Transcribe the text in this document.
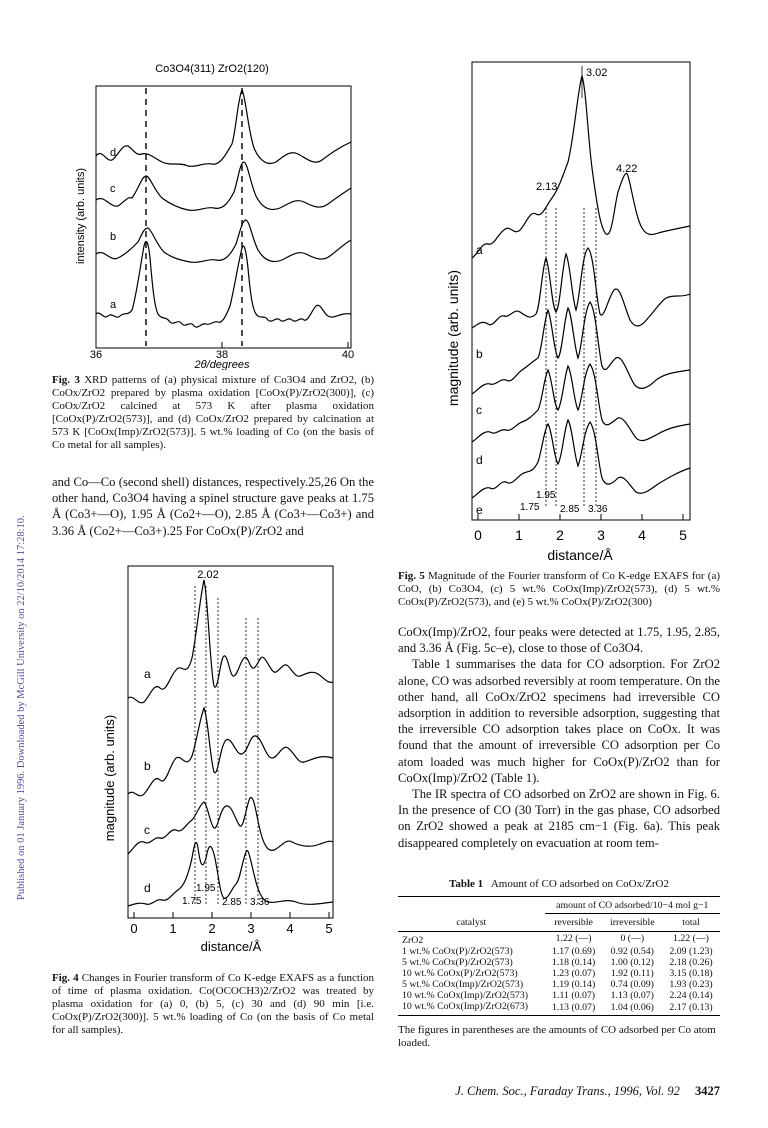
Published on 01 January 1996. Downloaded by McGill University on 22/10/2014 17:28:10.
Co3O4(311) ZrO2(120)
d
c
b
a
36	38	40
2θ/degrees
intensity (arb. units)
Fig. 3 XRD patterns of (a) physical mixture of Co3O4 and ZrO2, (b) CoOx/ZrO2 prepared by plasma oxidation [CoOx(P)/ZrO2(300)], (c) CoOx/ZrO2 calcined at 573 K after plasma oxidation [CoOx(P)/ZrO2(573)], and (d) CoOx/ZrO2 prepared by calcination at 573 K [CoOx(Imp)/ZrO2(573)]. 5 wt.% loading of Co (on the basis of Co metal for all samples).

and Co—Co (second shell) distances, respectively.25,26 On the other hand, Co3O4 having a spinel structure gave peaks at 1.75 Å (Co3+—O), 1.95 Å (Co2+—O), 2.85 Å (Co3+—Co3+) and 3.36 Å (Co2+—Co3+).25 For CoOx(P)/ZrO2 and

2.02
a
b
c
d	1.95
1.75 2.85 3.36
0 1 2 3 4 5
distance/Å
magnitude (arb. units)
Fig. 4 Changes in Fourier transform of Co K-edge EXAFS as a function of time of plasma oxidation. Co(OCOCH3)2/ZrO2 was treated by plasma oxidation for (a) 0, (b) 5, (c) 30 and (d) 90 min [i.e. CoOx(P)/ZrO2(300)]. 5 wt.% loading of Co (on the basis of Co metal for all samples).
3.02
4.22
2.13
a
b
c
d
e
1.95
1.75 2.85 3.36
0 1 2 3 4 5
distance/Å
magnitude (arb. units)
Fig. 5 Magnitude of the Fourier transform of Co K-edge EXAFS for (a) CoO, (b) Co3O4, (c) 5 wt.% CoOx(Imp)/ZrO2(573), (d) 5 wt.% CoOx(P)/ZrO2(573), and (e) 5 wt.% CoOx(P)/ZrO2(300)

CoOx(Imp)/ZrO2, four peaks were detected at 1.75, 1.95, 2.85, and 3.36 Å (Fig. 5c–e), close to those of Co3O4.

Table 1 summarises the data for CO adsorption. For ZrO2 alone, CO was adsorbed reversibly at room temperature. On the other hand, all CoOx/ZrO2 specimens had irreversible CO adsorption in addition to reversible adsorption, suggesting that the irreversible CO adsorption takes place on CoOx. It was found that the amount of irreversible CO adsorption per Co atom loaded was much higher for CoOx(P)/ZrO2 than for CoOx(Imp)/ZrO2 (Table 1).

The IR spectra of CO adsorbed on ZrO2 are shown in Fig. 6. In the presence of CO (30 Torr) in the gas phase, CO adsorbed on ZrO2 showed a peak at 2185 cm−1 (Fig. 6a). This peak disappeared completely on evacuation at room tem-

Table 1 Amount of CO adsorbed on CoOx/ZrO2
	amount of CO adsorbed/10−4 mol g−1		
catalyst	reversible	irreversible	total
ZrO2	1.22 (—)	0 (—)	1.22 (—)
1 wt.% CoOx(P)/ZrO2(573)	1.17 (0.69)	0.92 (0.54)	2.09 (1.23)
5 wt.% CoOx(P)/ZrO2(573)	1.18 (0.14)	1.00 (0.12)	2.18 (0.26)
10 wt.% CoOx(P)/ZrO2(573)	1.23 (0.07)	1.92 (0.11)	3.15 (0.18)
5 wt.% CoOx(Imp)/ZrO2(573)	1.19 (0.14)	0.74 (0.09)	1.93 (0.23)
10 wt.% CoOx(Imp)/ZrO2(573)	1.11 (0.07)	1.13 (0.07)	2.24 (0.14)
10 wt.% CoOx(Imp)/ZrO2(673)	1.13 (0.07)	1.04 (0.06)	2.17 (0.13)
The figures in parentheses are the amounts of CO adsorbed per Co atom loaded.
J. Chem. Soc., Faraday Trans., 1996, Vol. 92 3427
